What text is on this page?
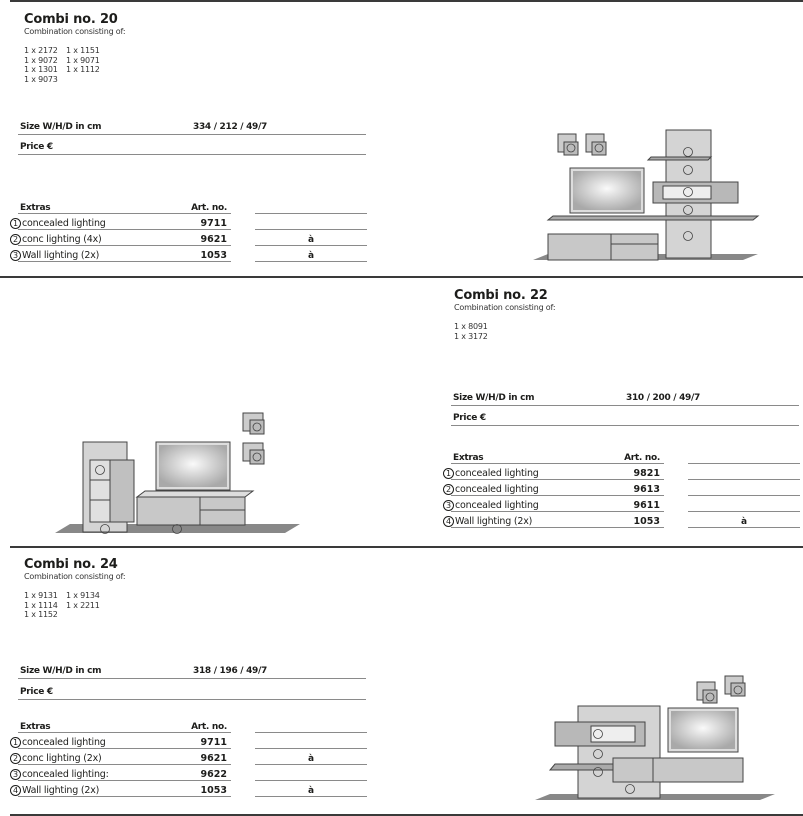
Combi no. 20
Combination consisting of:
1 x 2172	1 x 1151
1 x 9072	1 x 9071
1 x 1301	1 x 1112
1 x 9073
Size W/H/D in cm	334 / 212 / 49/7
Price €
Extras	Art. no.
1 concealed lighting	9711
2 conc lighting (4x)	9621	à
3 Wall lighting (2x)	1053	à
Combi no. 22
Combination consisting of:
1 x 8091
1 x 3172
Size W/H/D in cm	310 / 200 / 49/7
Price €
Extras	Art. no.
1 concealed lighting	9821
2 concealed lighting	9613
3 concealed lighting	9611
4 Wall lighting (2x)	1053	à
Combi no. 24
Combination consisting of:
1 x 9131	1 x 9134
1 x 1114	1 x 2211
1 x 1152
Size W/H/D in cm	318 / 196 / 49/7
Price €
Extras	Art. no.
1 concealed lighting	9711
2 conc lighting (2x)	9621	à
3 concealed lighting:	9622
4 Wall lighting (2x)	1053	à
